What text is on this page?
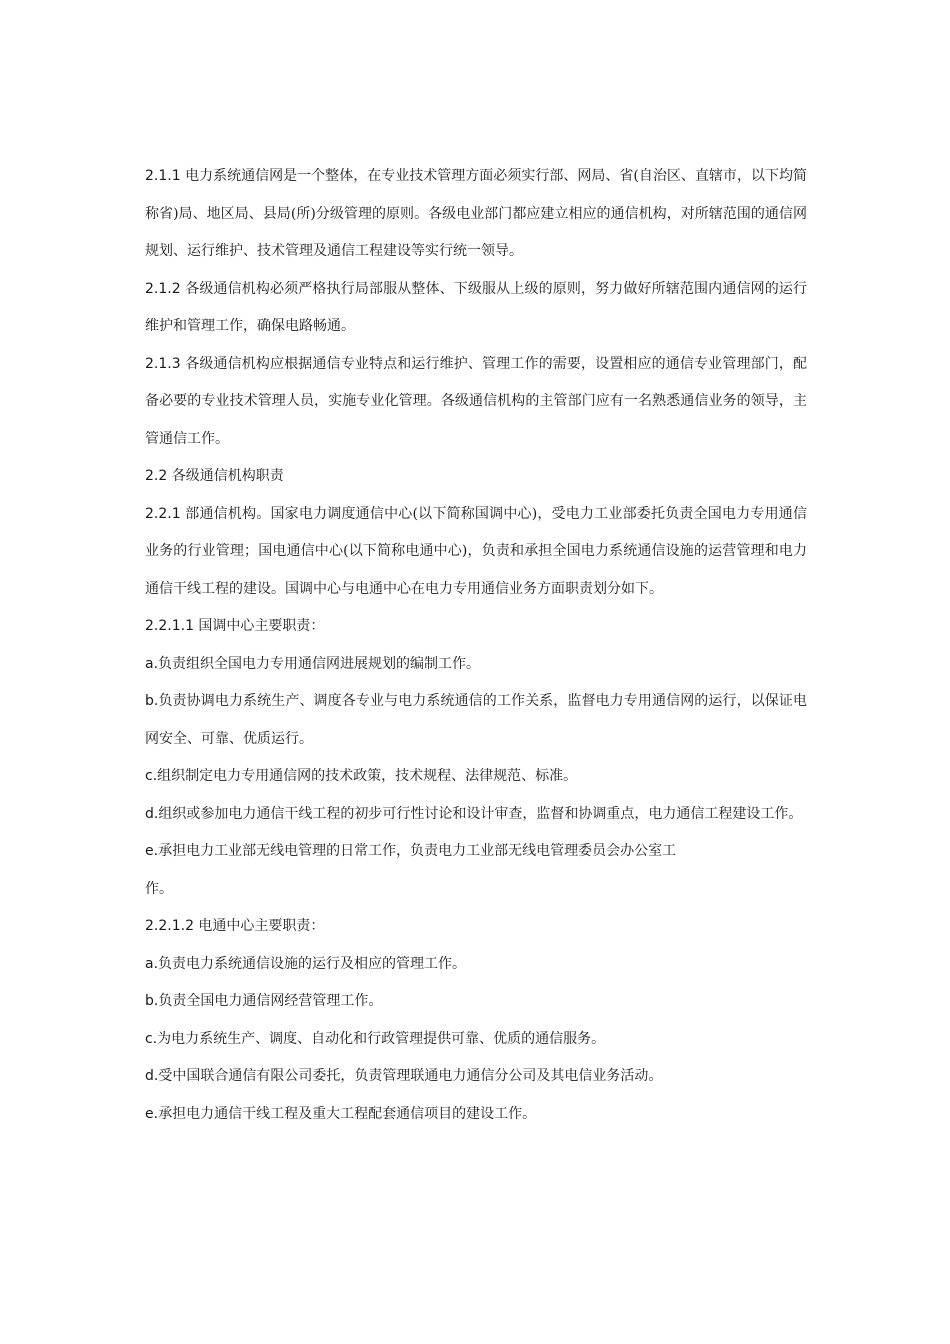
2.1.1 电力系统通信网是一个整体，在专业技术管理方面必须实行部、网局、省(自治区、直辖市，以下均简称省)局、地区局、县局(所)分级管理的原则。各级电业部门都应建立相应的通信机构，对所辖范围的通信网规划、运行维护、技术管理及通信工程建设等实行统一领导。

2.1.2 各级通信机构必须严格执行局部服从整体、下级服从上级的原则，努力做好所辖范围内通信网的运行维护和管理工作，确保电路畅通。

2.1.3 各级通信机构应根据通信专业特点和运行维护、管理工作的需要，设置相应的通信专业管理部门，配备必要的专业技术管理人员，实施专业化管理。各级通信机构的主管部门应有一名熟悉通信业务的领导，主管通信工作。

2.2 各级通信机构职责

2.2.1 部通信机构。国家电力调度通信中心(以下简称国调中心)，受电力工业部委托负责全国电力专用通信业务的行业管理；国电通信中心(以下简称电通中心)，负责和承担全国电力系统通信设施的运营管理和电力通信干线工程的建设。国调中心与电通中心在电力专用通信业务方面职责划分如下。

2.2.1.1 国调中心主要职责：

a.负责组织全国电力专用通信网进展规划的编制工作。

b.负责协调电力系统生产、调度各专业与电力系统通信的工作关系，监督电力专用通信网的运行，以保证电网安全、可靠、优质运行。

c.组织制定电力专用通信网的技术政策，技术规程、法律规范、标准。

d.组织或参加电力通信干线工程的初步可行性讨论和设计审查，监督和协调重点，电力通信工程建设工作。

e.承担电力工业部无线电管理的日常工作，负责电力工业部无线电管理委员会办公室工
作。

2.2.1.2 电通中心主要职责：

a.负责电力系统通信设施的运行及相应的管理工作。

b.负责全国电力通信网经营管理工作。

c.为电力系统生产、调度、自动化和行政管理提供可靠、优质的通信服务。

d.受中国联合通信有限公司委托，负责管理联通电力通信分公司及其电信业务活动。

e.承担电力通信干线工程及重大工程配套通信项目的建设工作。
